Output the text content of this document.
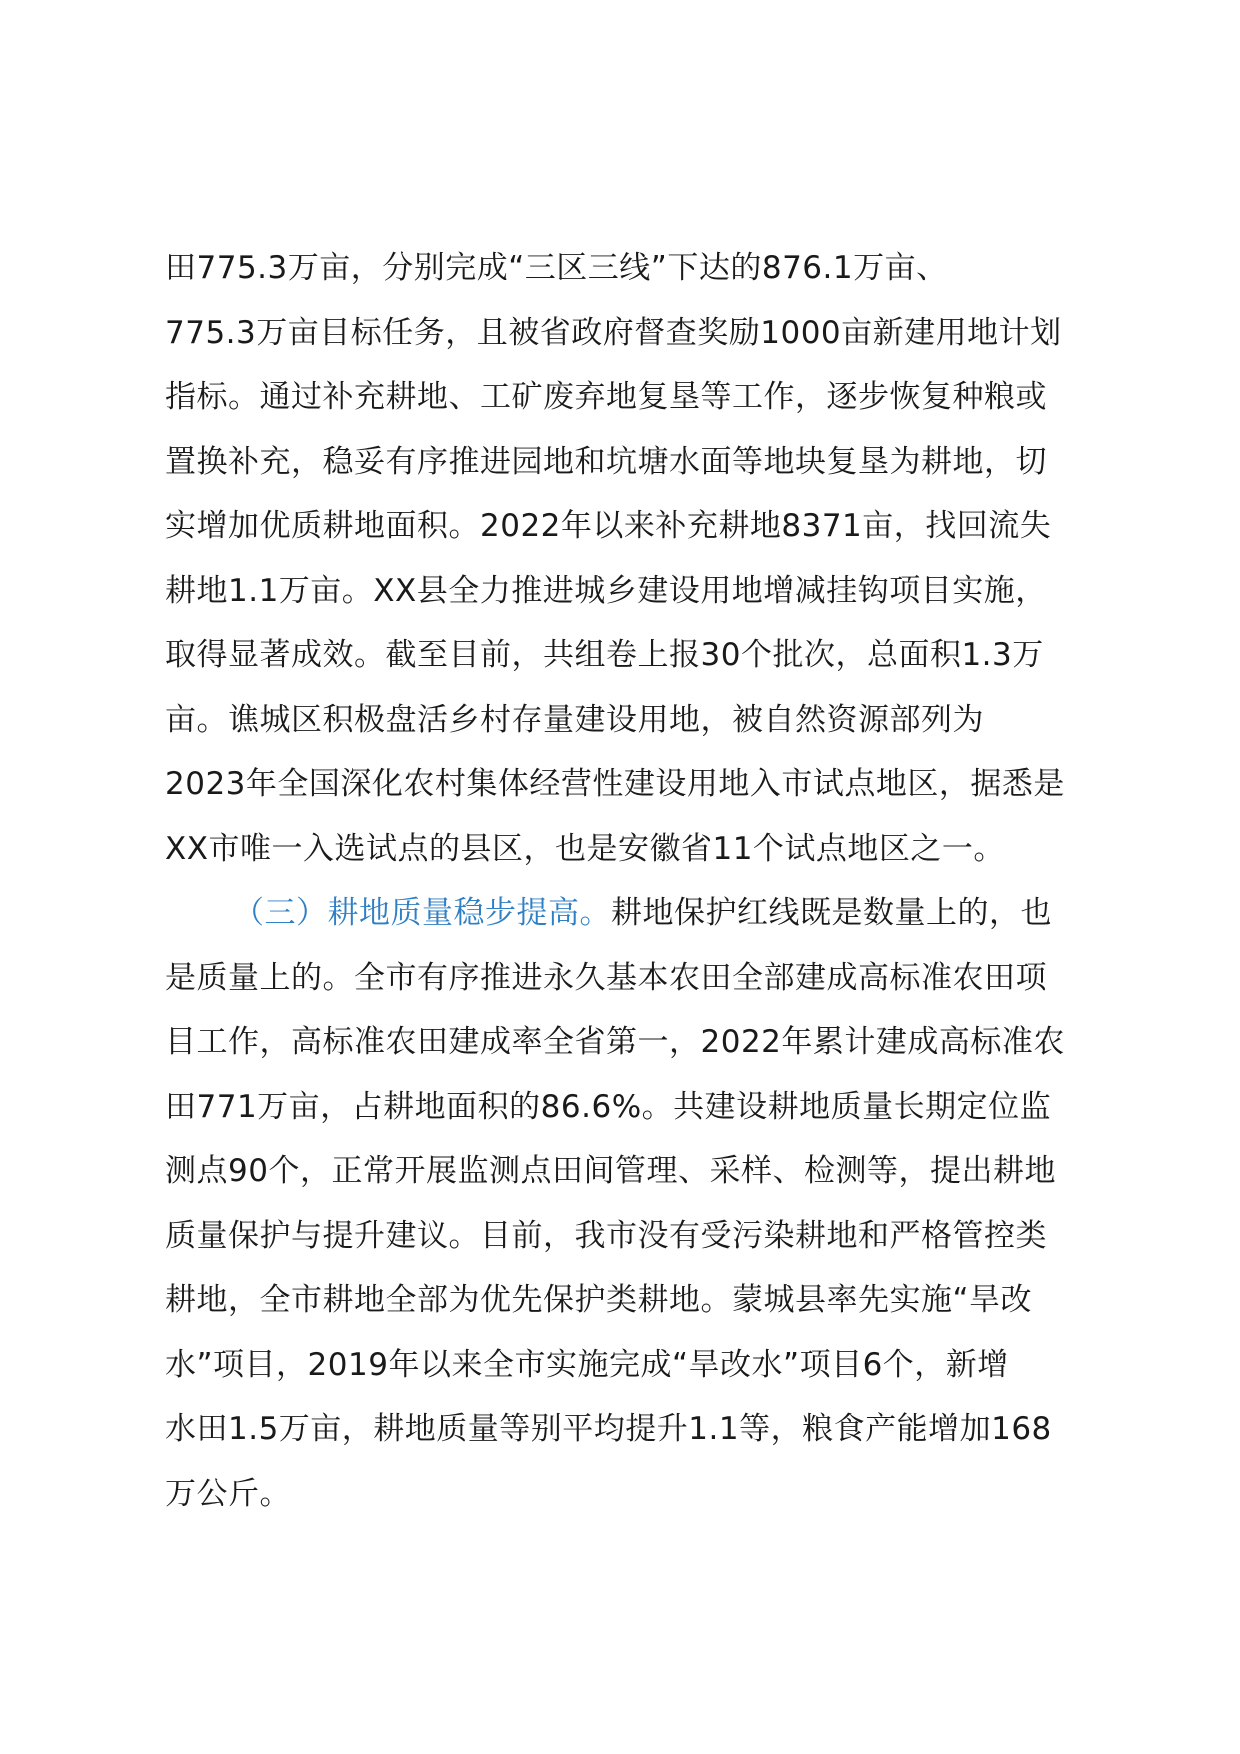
田775.3万亩，分别完成“三区三线”下达的876.1万亩、
775.3万亩目标任务，且被省政府督查奖励1000亩新建用地计划
指标。通过补充耕地、工矿废弃地复垦等工作，逐步恢复种粮或
置换补充，稳妥有序推进园地和坑塘水面等地块复垦为耕地，切
实增加优质耕地面积。2022年以来补充耕地8371亩，找回流失
耕地1.1万亩。XX县全力推进城乡建设用地增减挂钩项目实施，
取得显著成效。截至目前，共组卷上报30个批次，总面积1.3万
亩。谯城区积极盘活乡村存量建设用地，被自然资源部列为
2023年全国深化农村集体经营性建设用地入市试点地区，据悉是
XX市唯一入选试点的县区，也是安徽省11个试点地区之一。
（三）耕地质量稳步提高。耕地保护红线既是数量上的，也
是质量上的。全市有序推进永久基本农田全部建成高标准农田项
目工作，高标准农田建成率全省第一，2022年累计建成高标准农
田771万亩，占耕地面积的86.6%。共建设耕地质量长期定位监
测点90个，正常开展监测点田间管理、采样、检测等，提出耕地
质量保护与提升建议。目前，我市没有受污染耕地和严格管控类
耕地，全市耕地全部为优先保护类耕地。蒙城县率先实施“旱改
水”项目，2019年以来全市实施完成“旱改水”项目6个，新增
水田1.5万亩，耕地质量等别平均提升1.1等，粮食产能增加168
万公斤。
